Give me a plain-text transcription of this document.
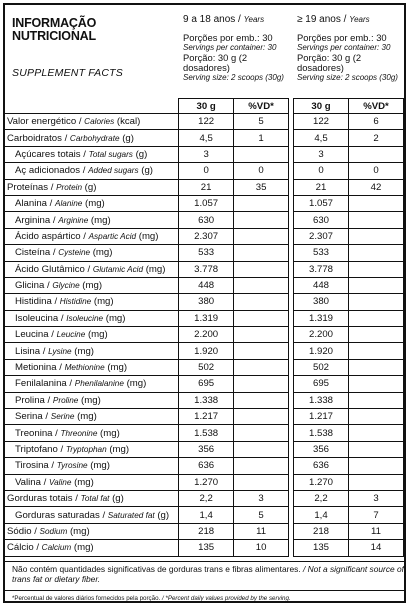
INFORMAÇÃO
NUTRICIONAL
SUPPLEMENT FACTS
9 a 18 anos / Years
Porções por emb.: 30
Servings per container: 30
Porção: 30 g (2 dosadores)
Serving size: 2 scoops (30g)
≥ 19 anos / Years
Porções por emb.: 30
Servings per container: 30
Porção: 30 g (2 dosadores)
Serving size: 2 scoops (30g)
	30 g	%VD*		30 g	%VD*
Valor energético / Calories (kcal)	122	5		122	6
Carboidratos / Carbohydrate (g)	4,5	1		4,5	2
Açúcares totais / Total sugars (g)	3			3	
Aç adicionados / Added sugars (g)	0	0		0	0
Proteínas / Protein (g)	21	35		21	42
Alanina / Alanine (mg)	1.057			1.057	
Arginina / Arginine (mg)	630			630	
Ácido aspártico / Aspartic Acid (mg)	2.307			2.307	
Cisteína / Cysteine (mg)	533			533	
Ácido Glutâmico / Glutamic Acid (mg)	3.778			3.778	
Glicina / Glycine (mg)	448			448	
Histidina / Histidine (mg)	380			380	
Isoleucina / Isoleucine (mg)	1.319			1.319	
Leucina / Leucine (mg)	2.200			2.200	
Lisina / Lysine (mg)	1.920			1.920	
Metionina / Methionine (mg)	502			502	
Fenilalanina / Phenilalanine (mg)	695			695	
Prolina / Proline (mg)	1.338			1.338	
Serina / Serine (mg)	1.217			1.217	
Treonina / Threonine (mg)	1.538			1.538	
Triptofano / Tryptophan (mg)	356			356	
Tirosina / Tyrosine (mg)	636			636	
Valina / Valine (mg)	1.270			1.270	
Gorduras totais / Total fat (g)	2,2	3		2,2	3
Gorduras saturadas / Saturated fat (g)	1,4	5		1,4	7
Sódio / Sodium (mg)	218	11		218	11
Cálcio / Calcium (mg)	135	10		135	14
Não contém quantidades significativas de gorduras trans e fibras alimentares. / Not a significant source of trans fat or dietary fiber.
*Percentual de valores diários fornecidos pela porção. / *Percent daily values provided by the serving.
